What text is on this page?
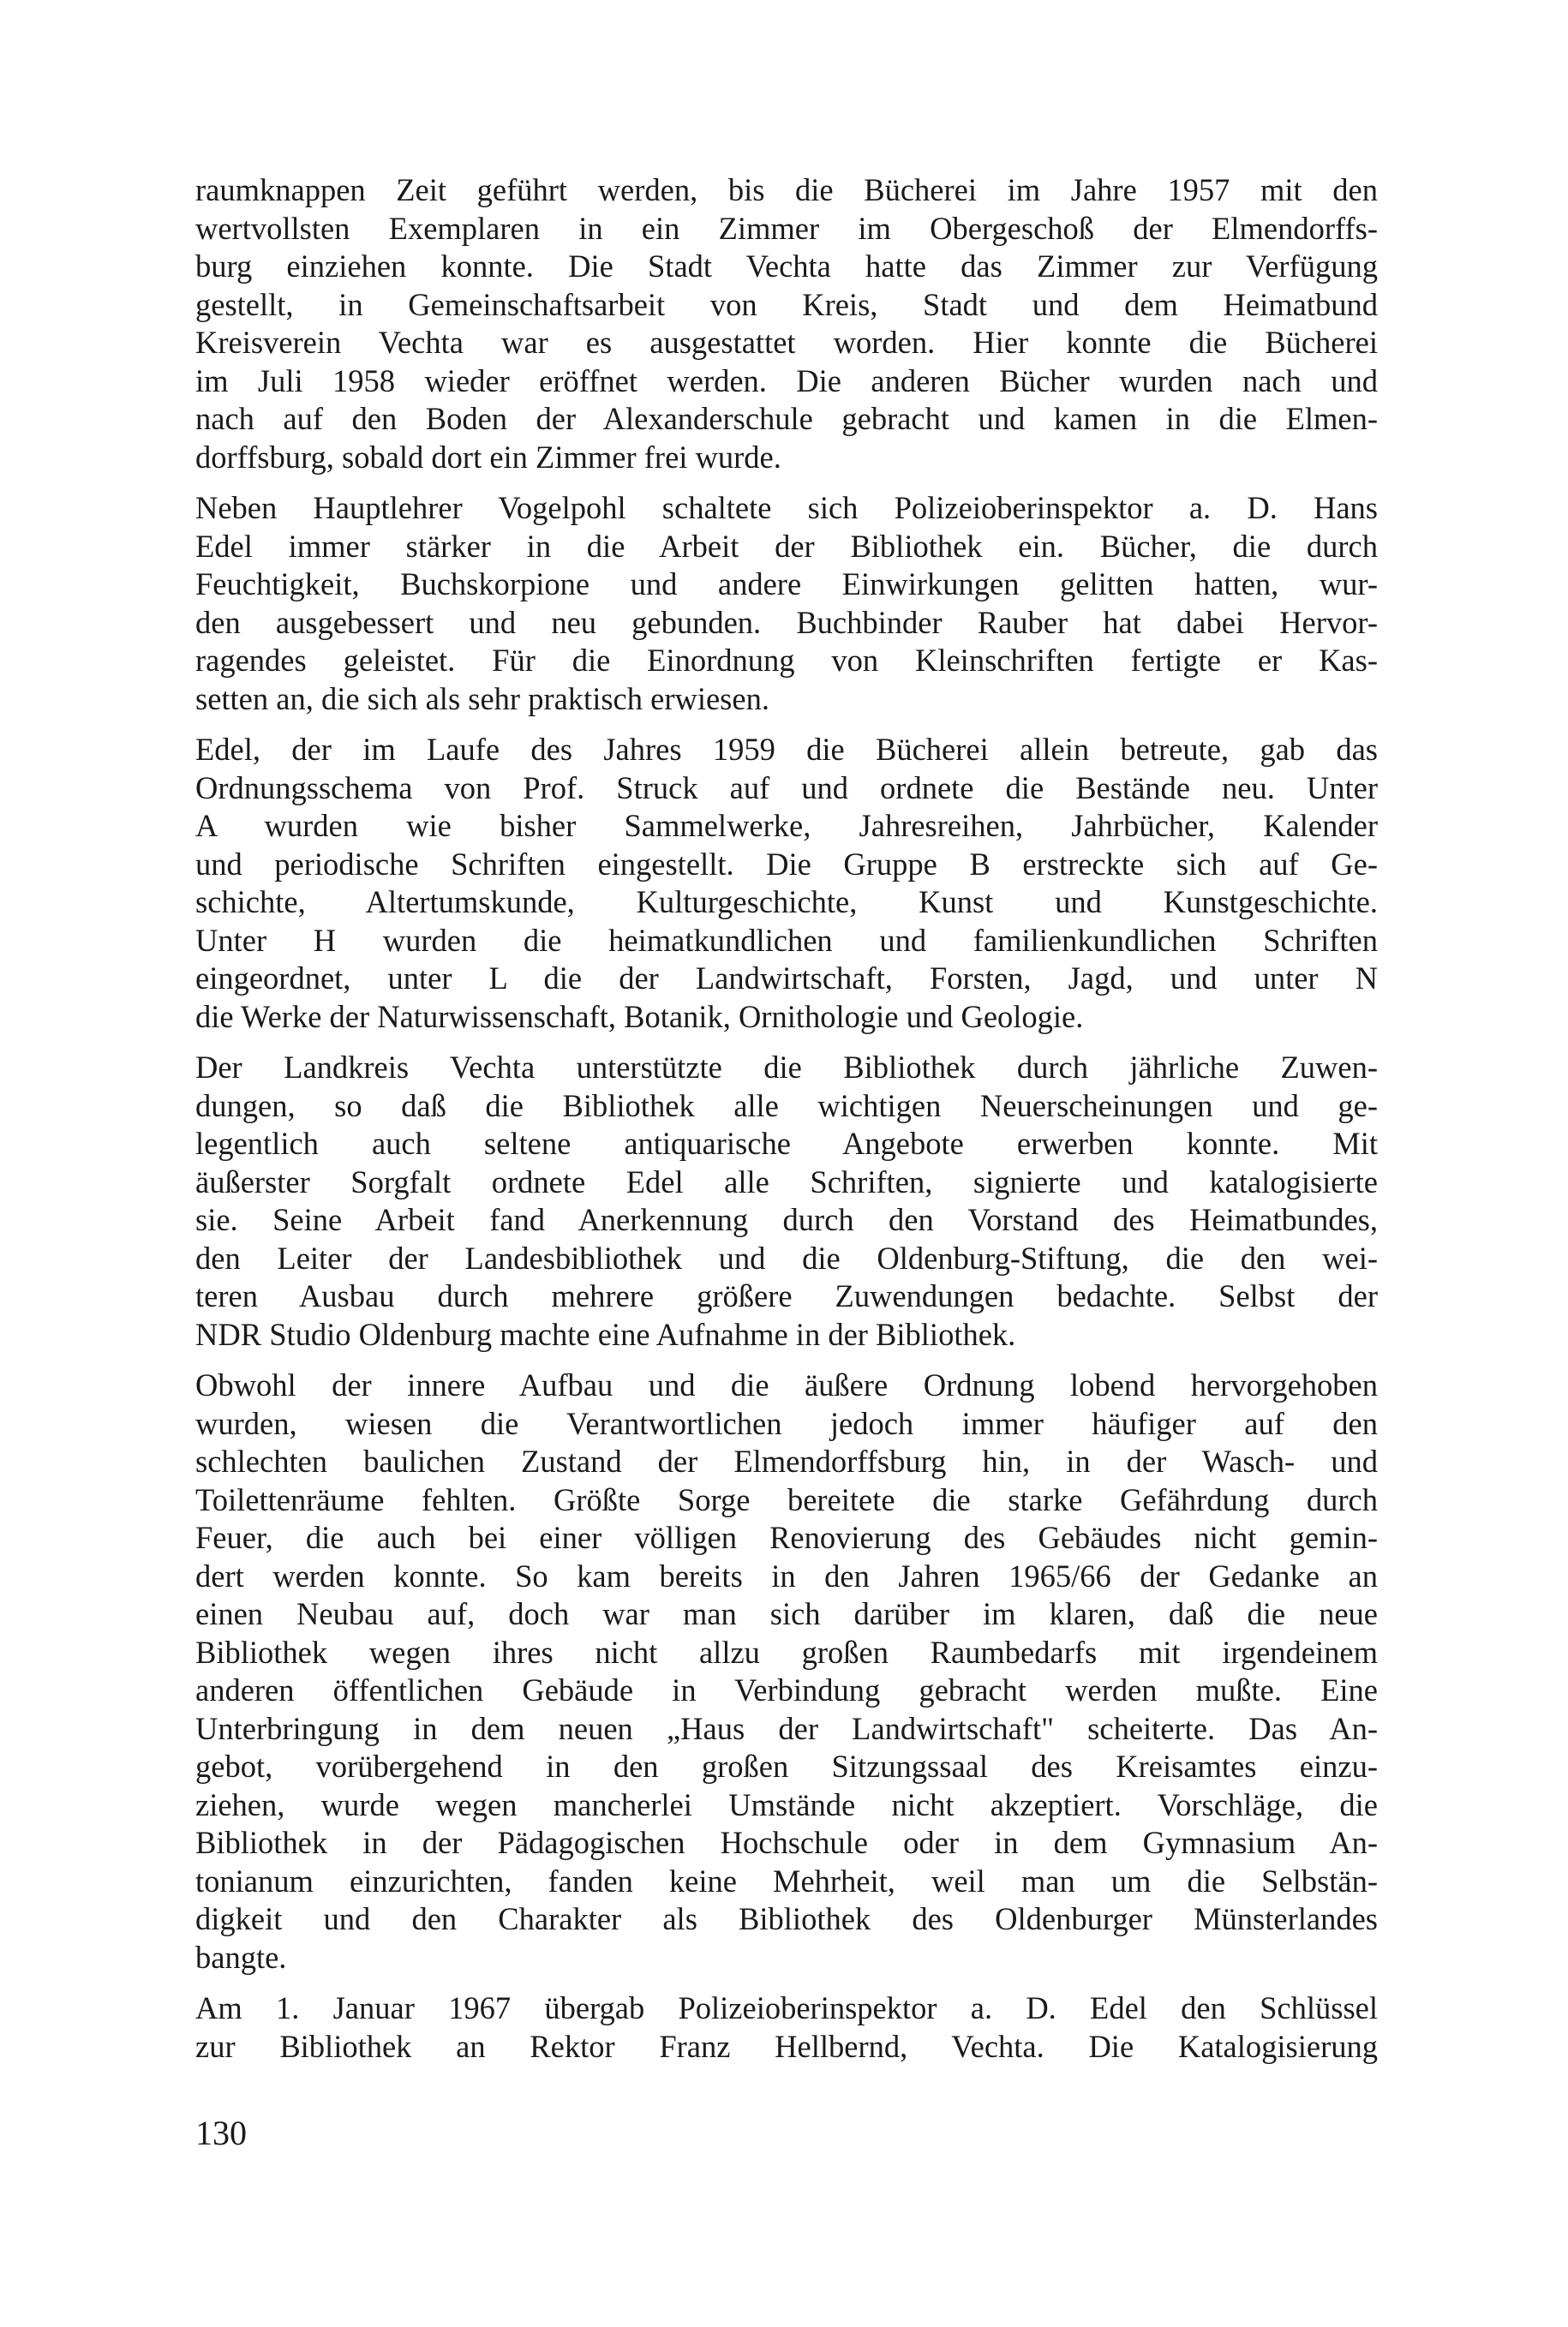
raumknappen Zeit geführt werden, bis die Bücherei im Jahre 1957 mit den
wertvollsten Exemplaren in ein Zimmer im Obergeschoß der Elmendorffs-
burg einziehen konnte. Die Stadt Vechta hatte das Zimmer zur Verfügung
gestellt, in Gemeinschaftsarbeit von Kreis, Stadt und dem Heimatbund
Kreisverein Vechta war es ausgestattet worden. Hier konnte die Bücherei
im Juli 1958 wieder eröffnet werden. Die anderen Bücher wurden nach und
nach auf den Boden der Alexanderschule gebracht und kamen in die Elmen-
dorffsburg, sobald dort ein Zimmer frei wurde.
Neben Hauptlehrer Vogelpohl schaltete sich Polizeioberinspektor a. D. Hans
Edel immer stärker in die Arbeit der Bibliothek ein. Bücher, die durch
Feuchtigkeit, Buchskorpione und andere Einwirkungen gelitten hatten, wur-
den ausgebessert und neu gebunden. Buchbinder Rauber hat dabei Hervor-
ragendes geleistet. Für die Einordnung von Kleinschriften fertigte er Kas-
setten an, die sich als sehr praktisch erwiesen.
Edel, der im Laufe des Jahres 1959 die Bücherei allein betreute, gab das
Ordnungsschema von Prof. Struck auf und ordnete die Bestände neu. Unter
A wurden wie bisher Sammelwerke, Jahresreihen, Jahrbücher, Kalender
und periodische Schriften eingestellt. Die Gruppe B erstreckte sich auf Ge-
schichte, Altertumskunde, Kulturgeschichte, Kunst und Kunstgeschichte.
Unter H wurden die heimatkundlichen und familienkundlichen Schriften
eingeordnet, unter L die der Landwirtschaft, Forsten, Jagd, und unter N
die Werke der Naturwissenschaft, Botanik, Ornithologie und Geologie.
Der Landkreis Vechta unterstützte die Bibliothek durch jährliche Zuwen-
dungen, so daß die Bibliothek alle wichtigen Neuerscheinungen und ge-
legentlich auch seltene antiquarische Angebote erwerben konnte. Mit
äußerster Sorgfalt ordnete Edel alle Schriften, signierte und katalogisierte
sie. Seine Arbeit fand Anerkennung durch den Vorstand des Heimatbundes,
den Leiter der Landesbibliothek und die Oldenburg-Stiftung, die den wei-
teren Ausbau durch mehrere größere Zuwendungen bedachte. Selbst der
NDR Studio Oldenburg machte eine Aufnahme in der Bibliothek.
Obwohl der innere Aufbau und die äußere Ordnung lobend hervorgehoben
wurden, wiesen die Verantwortlichen jedoch immer häufiger auf den
schlechten baulichen Zustand der Elmendorffsburg hin, in der Wasch- und
Toilettenräume fehlten. Größte Sorge bereitete die starke Gefährdung durch
Feuer, die auch bei einer völligen Renovierung des Gebäudes nicht gemin-
dert werden konnte. So kam bereits in den Jahren 1965/66 der Gedanke an
einen Neubau auf, doch war man sich darüber im klaren, daß die neue
Bibliothek wegen ihres nicht allzu großen Raumbedarfs mit irgendeinem
anderen öffentlichen Gebäude in Verbindung gebracht werden mußte. Eine
Unterbringung in dem neuen „Haus der Landwirtschaft" scheiterte. Das An-
gebot, vorübergehend in den großen Sitzungssaal des Kreisamtes einzu-
ziehen, wurde wegen mancherlei Umstände nicht akzeptiert. Vorschläge, die
Bibliothek in der Pädagogischen Hochschule oder in dem Gymnasium An-
tonianum einzurichten, fanden keine Mehrheit, weil man um die Selbstän-
digkeit und den Charakter als Bibliothek des Oldenburger Münsterlandes
bangte.
Am 1. Januar 1967 übergab Polizeioberinspektor a. D. Edel den Schlüssel
zur Bibliothek an Rektor Franz Hellbernd, Vechta. Die Katalogisierung
130
